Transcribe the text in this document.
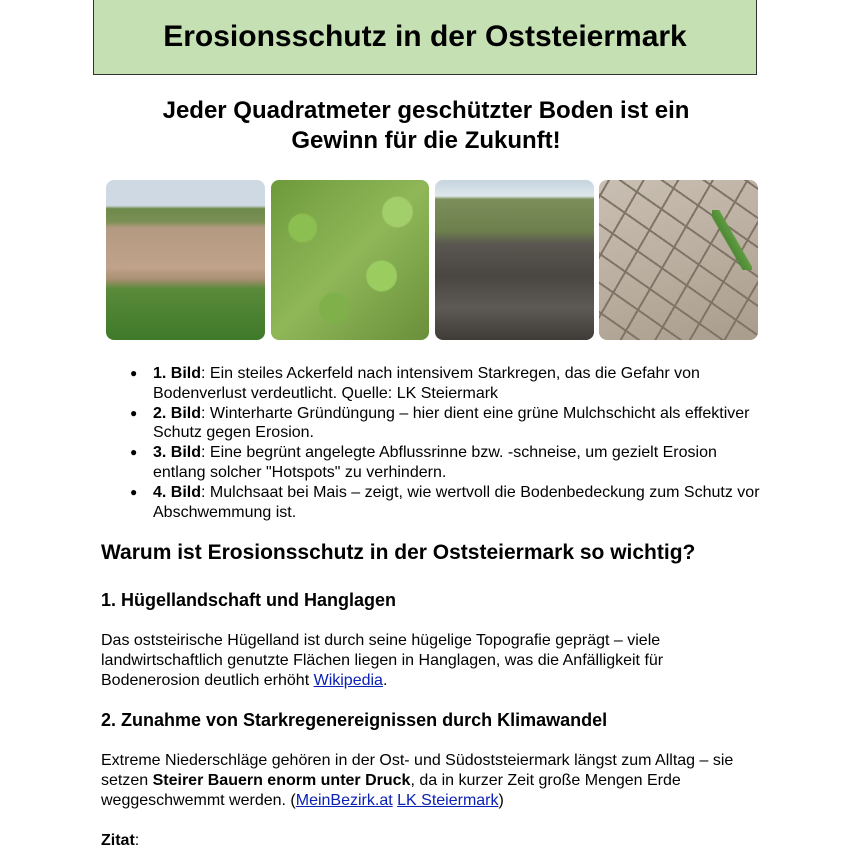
Erosionsschutz in der Oststeiermark
Jeder Quadratmeter geschützter Boden ist ein
Gewinn für die Zukunft!
● 1. Bild: Ein steiles Ackerfeld nach intensivem Starkregen, das die Gefahr von Bodenverlust verdeutlicht. Quelle: LK Steiermark
● 2. Bild: Winterharte Gründüngung – hier dient eine grüne Mulchschicht als effektiver Schutz gegen Erosion.
● 3. Bild: Eine begrünt angelegte Abflussrinne bzw. -schneise, um gezielt Erosion entlang solcher "Hotspots" zu verhindern.
● 4. Bild: Mulchsaat bei Mais – zeigt, wie wertvoll die Bodenbedeckung zum Schutz vor Abschwemmung ist.
Warum ist Erosionsschutz in der Oststeiermark so wichtig?
1. Hügellandschaft und Hanglagen

Das oststeirische Hügelland ist durch seine hügelige Topografie geprägt – viele landwirtschaftlich genutzte Flächen liegen in Hanglagen, was die Anfälligkeit für Bodenerosion deutlich erhöht Wikipedia.

2. Zunahme von Starkregenereignissen durch Klimawandel

Extreme Niederschläge gehören in der Ost- und Südoststeiermark längst zum Alltag – sie setzen Steirer Bauern enorm unter Druck, da in kurzer Zeit große Mengen Erde weggeschwemmt werden. (MeinBezirk.at LK Steiermark)

Zitat:
